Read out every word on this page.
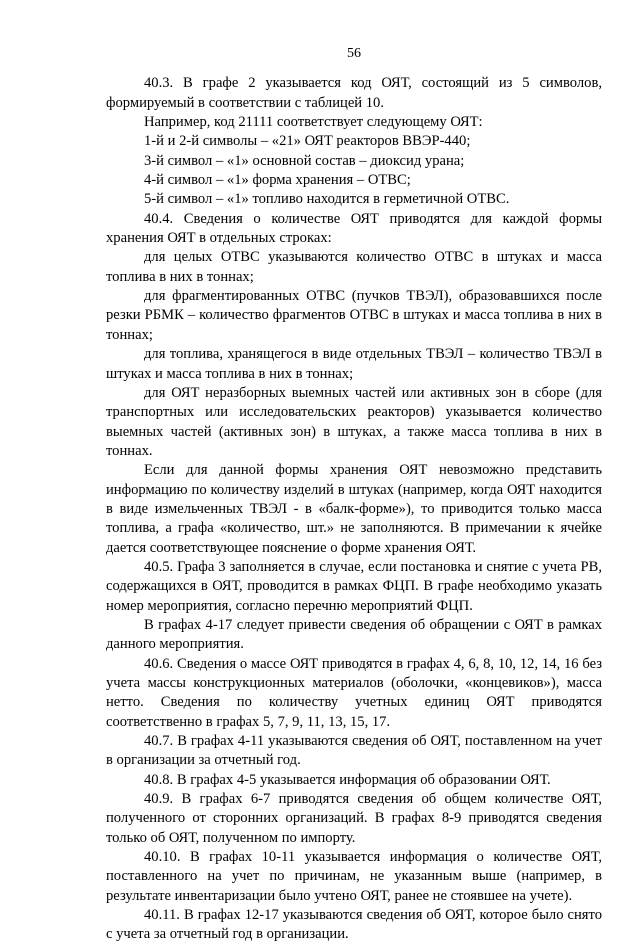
56

40.3. В графе 2 указывается код ОЯТ, состоящий из 5 символов, формируемый в соответствии с таблицей 10.

Например, код 21111 соответствует следующему ОЯТ:

1-й и 2-й символы – «21» ОЯТ реакторов ВВЭР-440;

3-й символ – «1» основной состав – диоксид урана;

4-й символ – «1» форма хранения – ОТВС;

5-й символ – «1» топливо находится в герметичной ОТВС.

40.4. Сведения о количестве ОЯТ приводятся для каждой формы хранения ОЯТ в отдельных строках:

для целых ОТВС указываются количество ОТВС в штуках и масса топлива в них в тоннах;

для фрагментированных ОТВС (пучков ТВЭЛ), образовавшихся после резки РБМК – количество фрагментов ОТВС в штуках и масса топлива в них в тоннах;

для топлива, хранящегося в виде отдельных ТВЭЛ – количество ТВЭЛ в штуках и масса топлива в них в тоннах;

для ОЯТ неразборных выемных частей или активных зон в сборе (для транспортных или исследовательских реакторов) указывается количество выемных частей (активных зон) в штуках, а также масса топлива в них в тоннах.

Если для данной формы хранения ОЯТ невозможно представить информацию по количеству изделий в штуках (например, когда ОЯТ находится в виде измельченных ТВЭЛ - в «балк-форме»), то приводится только масса топлива, а графа «количество, шт.» не заполняются. В примечании к ячейке дается соответствующее пояснение о форме хранения ОЯТ.

40.5. Графа 3 заполняется в случае, если постановка и снятие с учета РВ, содержащихся в ОЯТ, проводится в рамках ФЦП. В графе необходимо указать номер мероприятия, согласно перечню мероприятий ФЦП.

В графах 4-17 следует привести сведения об обращении с ОЯТ в рамках данного мероприятия.

40.6. Сведения о массе ОЯТ приводятся в графах 4, 6, 8, 10, 12, 14, 16 без учета массы конструкционных материалов (оболочки, «концевиков»), масса нетто. Сведения по количеству учетных единиц ОЯТ приводятся соответственно в графах 5, 7, 9, 11, 13, 15, 17.

40.7. В графах 4-11 указываются сведения об ОЯТ, поставленном на учет в организации за отчетный год.

40.8. В графах 4-5 указывается информация об образовании ОЯТ.

40.9. В графах 6-7 приводятся сведения об общем количестве ОЯТ, полученного от сторонних организаций. В графах 8-9 приводятся сведения только об ОЯТ, полученном по импорту.

40.10. В графах 10-11 указывается информация о количестве ОЯТ, поставленного на учет по причинам, не указанным выше (например, в результате инвентаризации было учтено ОЯТ, ранее не стоявшее на учете).

40.11. В графах 12-17 указываются сведения об ОЯТ, которое было снято с учета за отчетный год в организации.
